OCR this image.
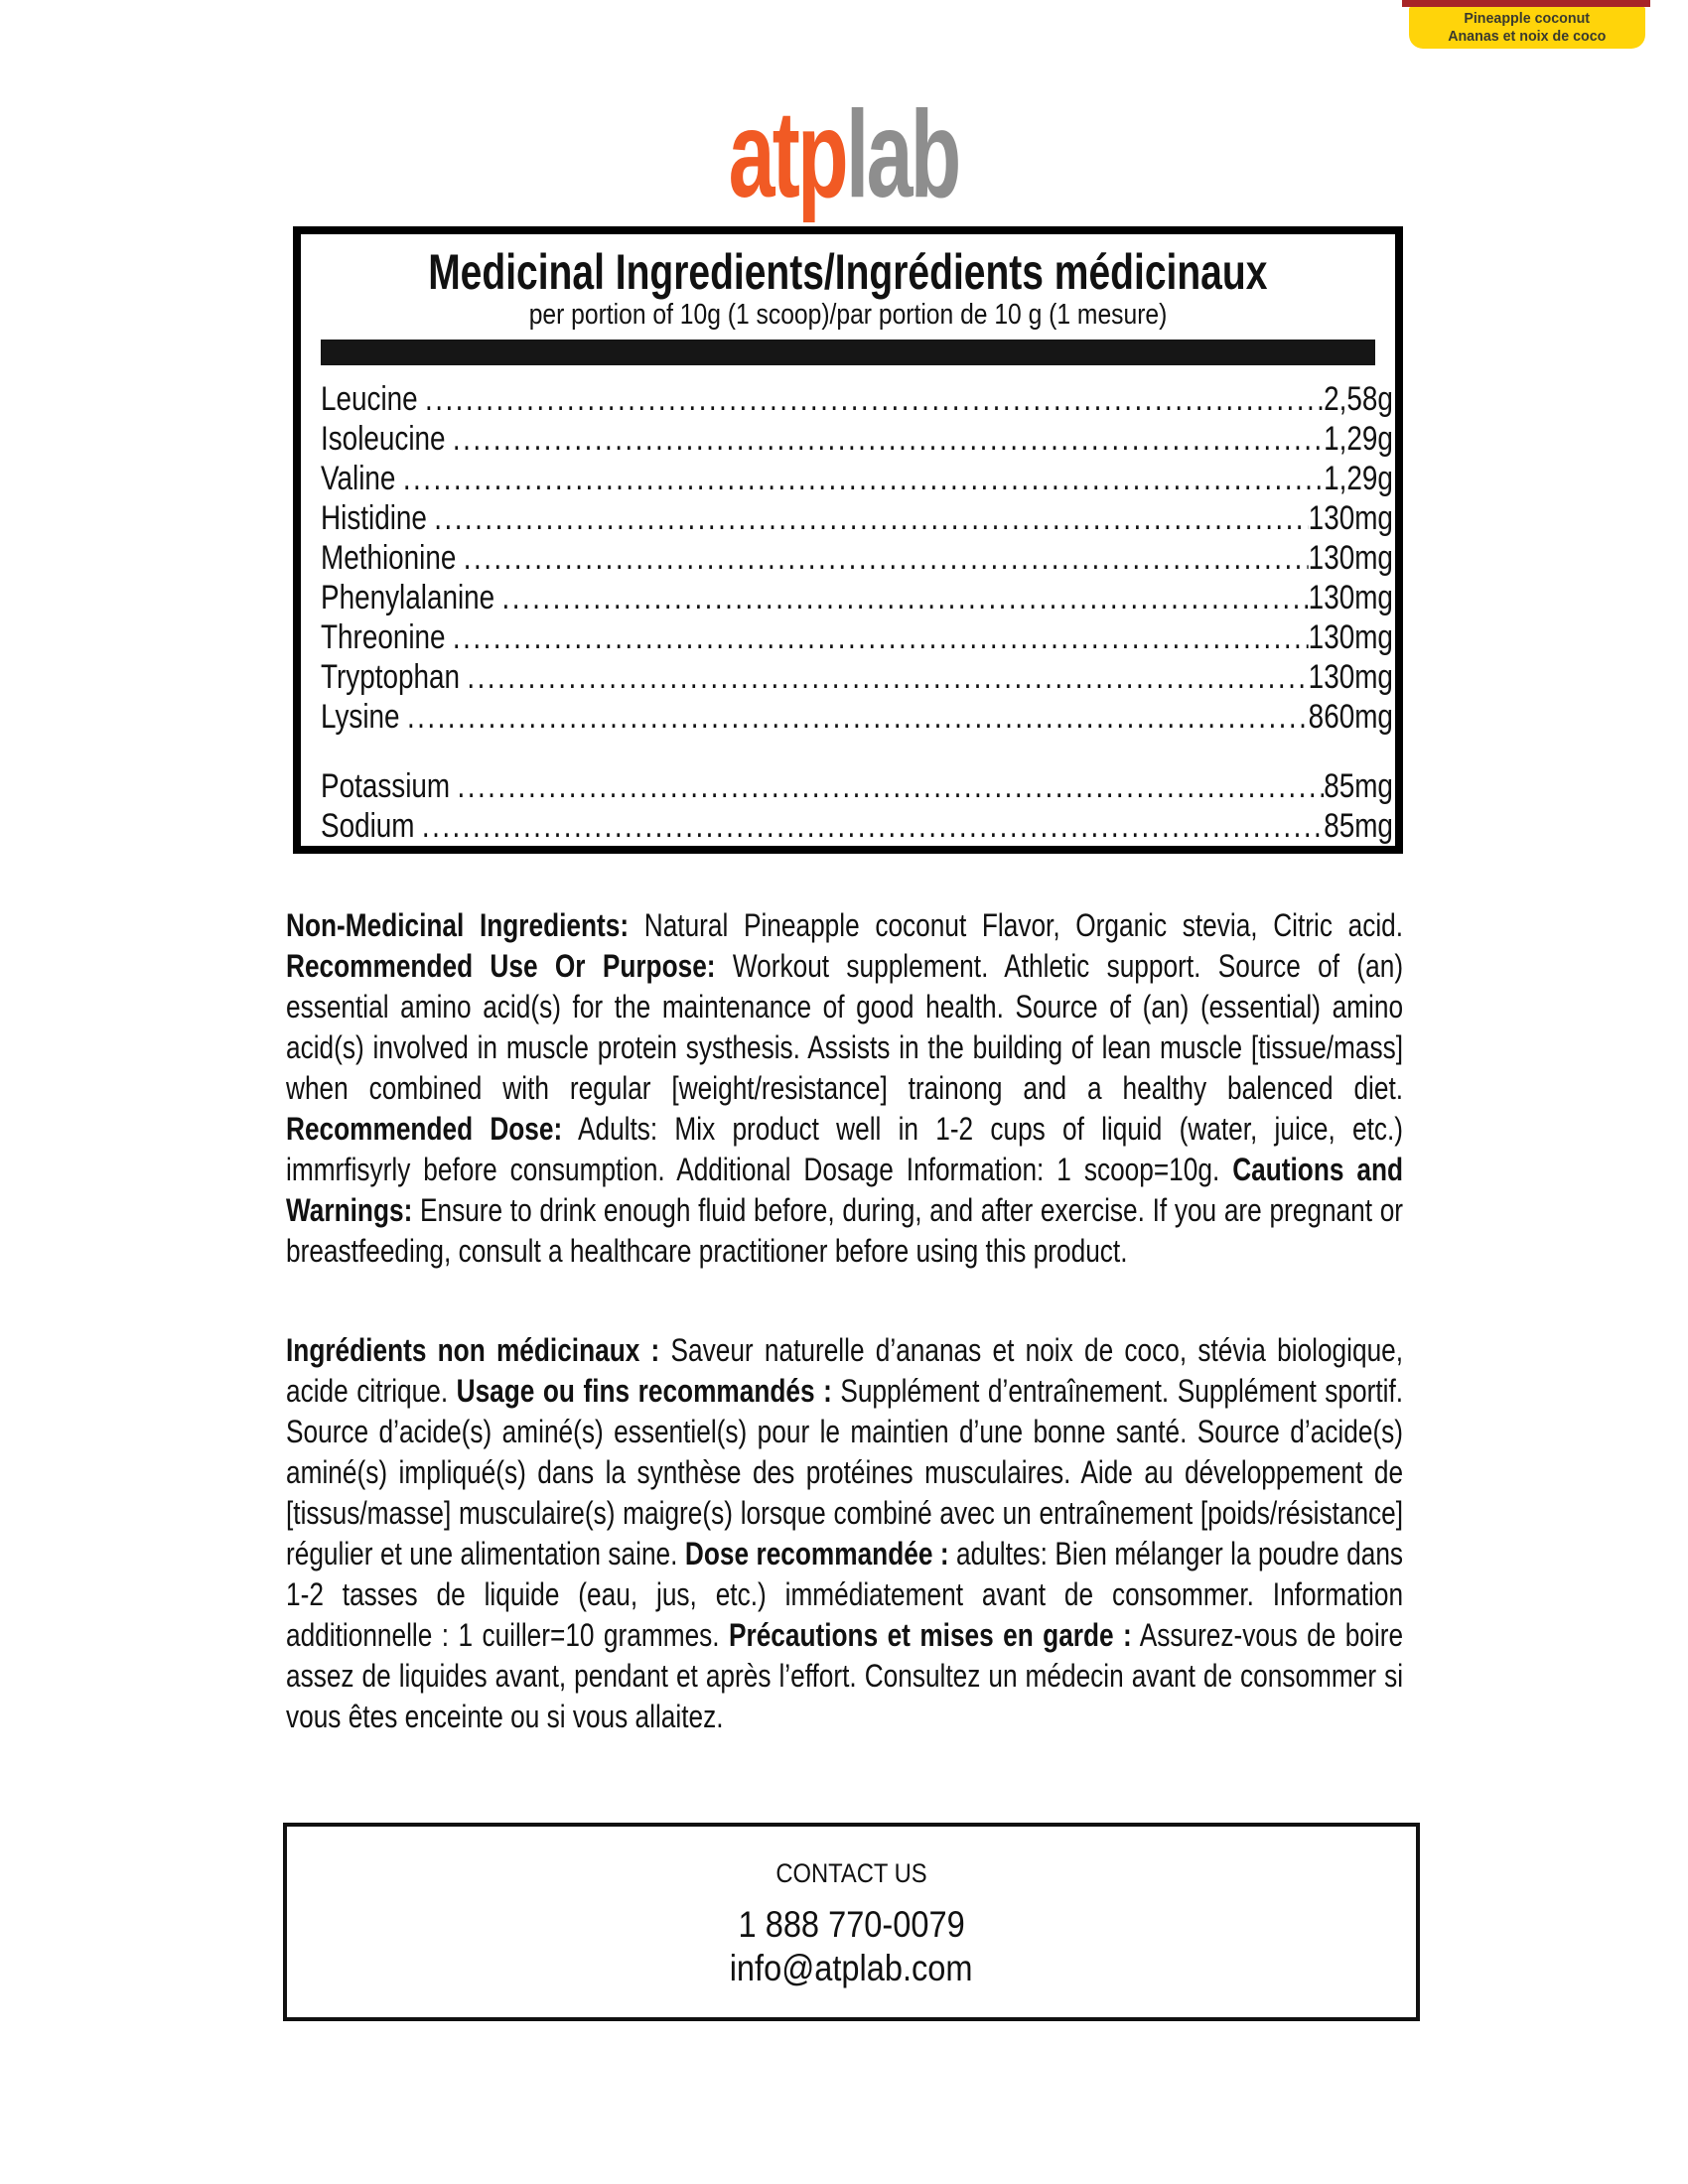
Pineapple coconut
Ananas et noix de coco
atplab
Medicinal Ingredients/Ingrédients médicinaux
per portion of 10g (1 scoop)/par portion de 10 g (1 mesure)
Leucine .....	2,58g
Isoleucine .....	1,29g
Valine .....	1,29g
Histidine .....	130mg
Methionine .....	130mg
Phenylalanine .....	130mg
Threonine .....	130mg
Tryptophan .....	130mg
Lysine .....	860mg
Potassium .....	85mg
Sodium .....	85mg
Non-Medicinal Ingredients: Natural Pineapple coconut Flavor, Organic stevia, Citric acid. Recommended Use Or Purpose: Workout supplement. Athletic support. Source of (an) essential amino acid(s) for the maintenance of good health. Source of (an) (essential) amino acid(s) involved in muscle protein systhesis. Assists in the building of lean muscle [tissue/mass] when combined with regular [weight/resistance] trainong and a healthy balenced diet. Recommended Dose: Adults: Mix product well in 1-2 cups of liquid (water, juice, etc.) immrfisyrly before consumption. Additional Dosage Information: 1 scoop=10g. Cautions and Warnings: Ensure to drink enough fluid before, during, and after exercise. If you are pregnant or breastfeeding, consult a healthcare practitioner before using this product.
Ingrédients non médicinaux : Saveur naturelle d’ananas et noix de coco, stévia biologique, acide citrique. Usage ou fins recommandés : Supplément d’entraînement. Supplément sportif. Source d’acide(s) aminé(s) essentiel(s) pour le maintien d’une bonne santé. Source d’acide(s) aminé(s) impliqué(s) dans la synthèse des protéines musculaires. Aide au développement de [tissus/masse] musculaire(s) maigre(s) lorsque combiné avec un entraînement [poids/résistance] régulier et une alimentation saine. Dose recommandée : adultes: Bien mélanger la poudre dans 1-2 tasses de liquide (eau, jus, etc.) immédiatement avant de consommer. Information additionnelle : 1 cuiller=10 grammes. Précautions et mises en garde : Assurez-vous de boire assez de liquides avant, pendant et après l’effort. Consultez un médecin avant de consommer si vous êtes enceinte ou si vous allaitez.
CONTACT US
1 888 770-0079
info@atplab.com
